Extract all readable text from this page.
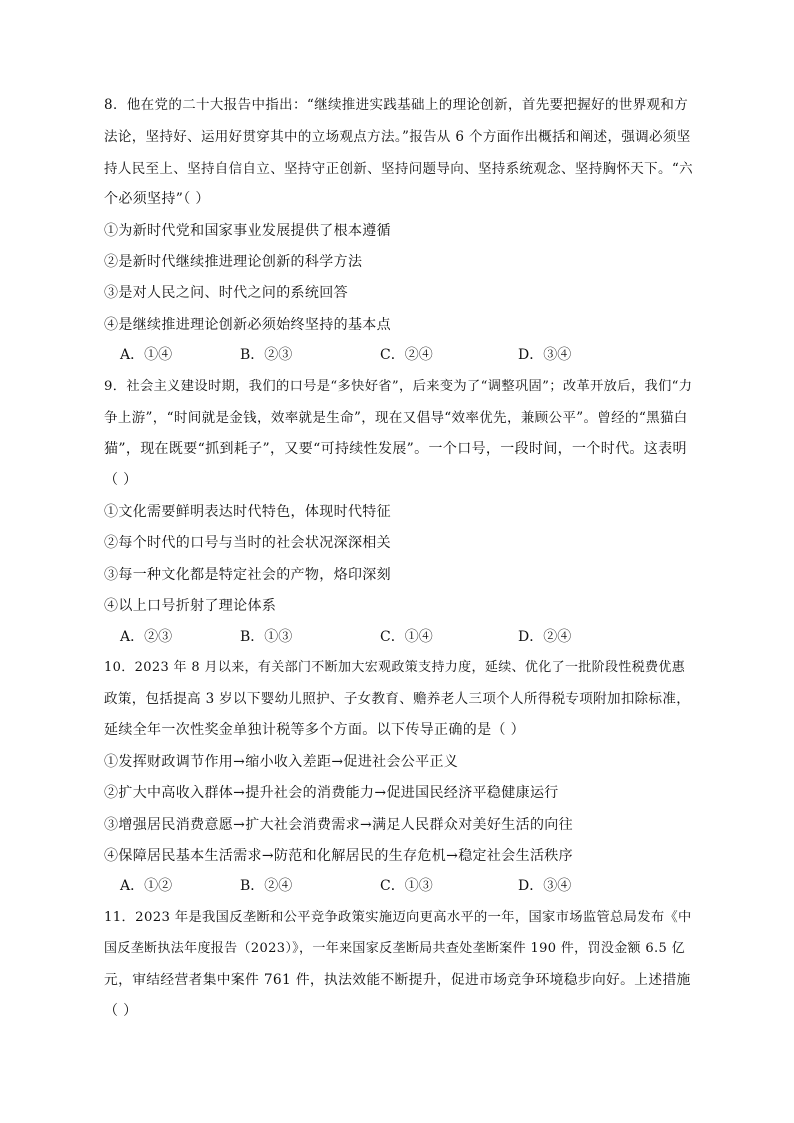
8．他在党的二十大报告中指出：“继续推进实践基础上的理论创新，首先要把握好的世界观和方
法论，坚持好、运用好贯穿其中的立场观点方法。”报告从 6 个方面作出概括和阐述，强调必须坚
持人民至上、坚持自信自立、坚持守正创新、坚持问题导向、坚持系统观念、坚持胸怀天下。“六
个必须坚持”（ ）
①为新时代党和国家事业发展提供了根本遵循
②是新时代继续推进理论创新的科学方法
③是对人民之问、时代之问的系统回答
④是继续推进理论创新必须始终坚持的基本点
A．①④	B．②③	C．②④	D．③④
9．社会主义建设时期，我们的口号是“多快好省”，后来变为了“调整巩固”；改革开放后，我们“力
争上游”，“时间就是金钱，效率就是生命”，现在又倡导“效率优先，兼顾公平”。曾经的“黑猫白
猫”，现在既要“抓到耗子”，又要“可持续性发展”。一个口号，一段时间，一个时代。这表明
（ ）
①文化需要鲜明表达时代特色，体现时代特征
②每个时代的口号与当时的社会状况深深相关
③每一种文化都是特定社会的产物，烙印深刻
④以上口号折射了理论体系
A．②③	B．①③	C．①④	D．②④
10．2023 年 8 月以来，有关部门不断加大宏观政策支持力度，延续、优化了一批阶段性税费优惠
政策，包括提高 3 岁以下婴幼儿照护、子女教育、赡养老人三项个人所得税专项附加扣除标准，
延续全年一次性奖金单独计税等多个方面。以下传导正确的是（ ）
①发挥财政调节作用→缩小收入差距→促进社会公平正义
②扩大中高收入群体→提升社会的消费能力→促进国民经济平稳健康运行
③增强居民消费意愿→扩大社会消费需求→满足人民群众对美好生活的向往
④保障居民基本生活需求→防范和化解居民的生存危机→稳定社会生活秩序
A．①②	B．②④	C．①③	D．③④
11．2023 年是我国反垄断和公平竞争政策实施迈向更高水平的一年，国家市场监管总局发布《中
国反垄断执法年度报告（2023）》，一年来国家反垄断局共查处垄断案件 190 件，罚没金额 6.5 亿
元，审结经营者集中案件 761 件，执法效能不断提升，促进市场竞争环境稳步向好。上述措施
（ ）
